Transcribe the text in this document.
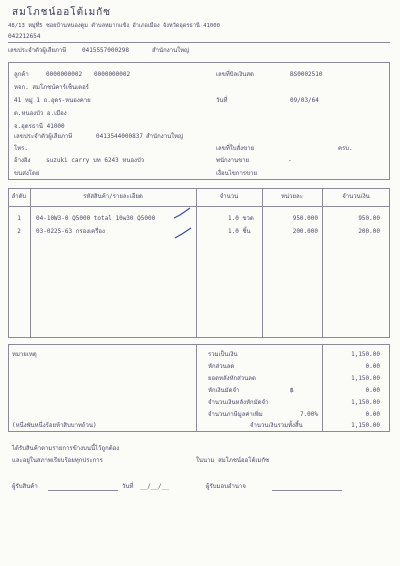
สมโภชน์ออโต้เมกัซ
48/13 หมู่ที่5 ซอยบ้านหนองตูม ตำบลหมากแข้ง อำเภอเมือง จังหวัดอุดรธานี 41000
042212654
เลขประจำตัวผู้เสียภาษี	0415557000298	สำนักงานใหญ่
ลูกค้า	0000000002 0000000002
หจก. สมโภชน์คาร์เซ็นเตอร์
41 หมู่ 1 ถ.อุดร-หนองคาย
ต.หนองบัว อ.เมือง
จ.อุดรธานี 41000
เลขประจำตัวผู้เสียภาษี	0413544000837 สำนักงานใหญ่
โทร.
อ้างอิง	suzuki carry บท 6243 หนองบัว
ขนส่งโดย
เลขที่บิลเงินสด	BS0002510
วันที่	09/03/64
เลขที่ใบสั่งขาย	ครบ.
พนักงานขาย	-
เงื่อนไขการขาย
ลำดับ	รหัสสินค้า/รายละเอียด	จำนวน	หน่วยละ	จำนวนเงิน
1	04-10W3-0 Q5000 total 10w30 Q5000	1.0 ขวด	950.000	950.00
2	03-0225-63 กรองเครื่อง	1.0 ชิ้น	200.000	200.00
หมายเหตุ
(หนึ่งพันหนึ่งร้อยห้าสิบบาทถ้วน)
รวมเป็นเงิน	1,150.00
หักส่วนลด	0.00
ยอดหลังหักส่วนลด	1,150.00
หักเงินมัดจำ	฿	0.00
จำนวนเงินหลังหักมัดจำ	1,150.00
จำนวนภาษีมูลค่าเพิ่ม	7.00%	0.00
จำนวนเงินรวมทั้งสิ้น	1,150.00
ได้รับสินค้าตามรายการข้างบนนี้ไว้ถูกต้อง
และอยู่ในสภาพเรียบร้อยทุกประการ	ในนาม สมโภชน์ออโต้เมกัซ
ผู้รับสินค้า	วันที่ __/__/__	ผู้รับมอบอำนาจ
